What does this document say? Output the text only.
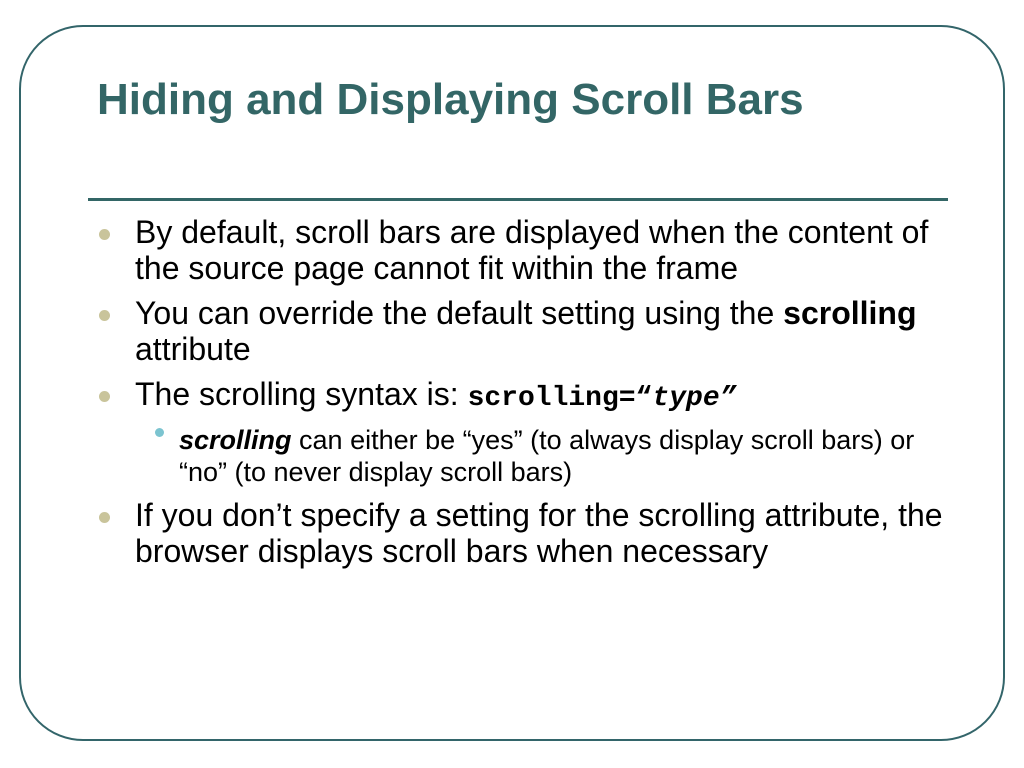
Hiding and Displaying Scroll Bars
By default, scroll bars are displayed when the content of the source page cannot fit within the frame
You can override the default setting using the scrolling attribute
The scrolling syntax is: scrolling=“type”
scrolling can either be “yes” (to always display scroll bars) or “no” (to never display scroll bars)
If you don’t specify a setting for the scrolling attribute, the browser displays scroll bars when necessary
